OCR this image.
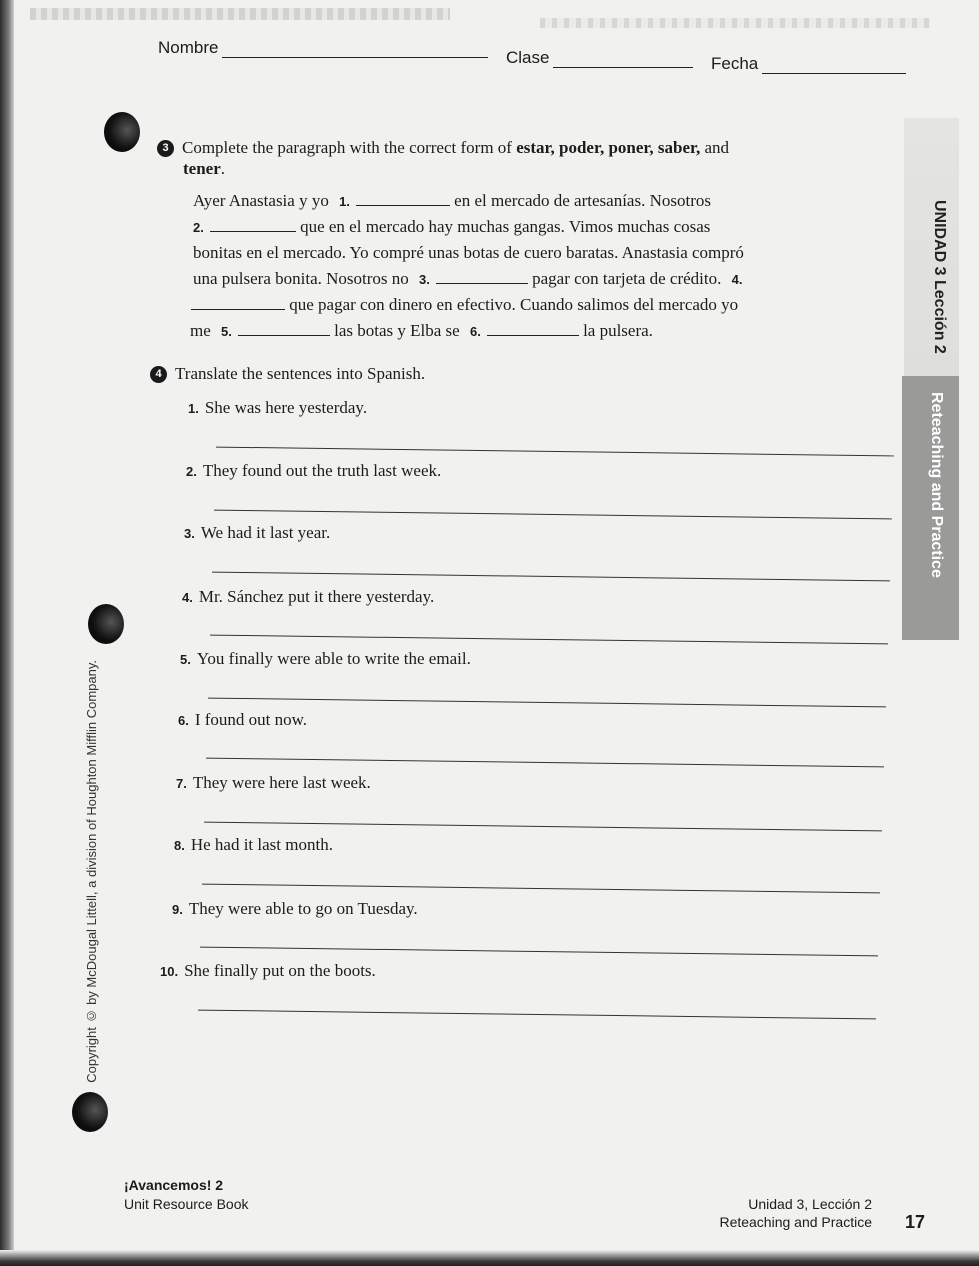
Nombre
Clase	Fecha
UNIDAD 3 Lección 2
Reteaching and Practice
Copyright © by McDougal Littell, a division of Houghton Mifflin Company.
3 Complete the paragraph with the correct form of estar, poder, poner, saber, and
tener.
Ayer Anastasia y yo 1.	en el mercado de artesanías. Nosotros
2.	que en el mercado hay muchas gangas. Vimos muchas cosas
bonitas en el mercado. Yo compré unas botas de cuero baratas. Anastasia compró
una pulsera bonita. Nosotros no 3.	pagar con tarjeta de crédito. 4.
que pagar con dinero en efectivo. Cuando salimos del mercado yo
me 5.	las botas y Elba se 6.	la pulsera.
4 Translate the sentences into Spanish.
1. She was here yesterday.
2. They found out the truth last week.
3. We had it last year.
4. Mr. Sánchez put it there yesterday.
5. You finally were able to write the email.
6. I found out now.
7. They were here last week.
8. He had it last month.
9. They were able to go on Tuesday.
10. She finally put on the boots.
¡Avancemos! 2
Unit Resource Book	Unidad 3, Lección 2
Reteaching and Practice 17
